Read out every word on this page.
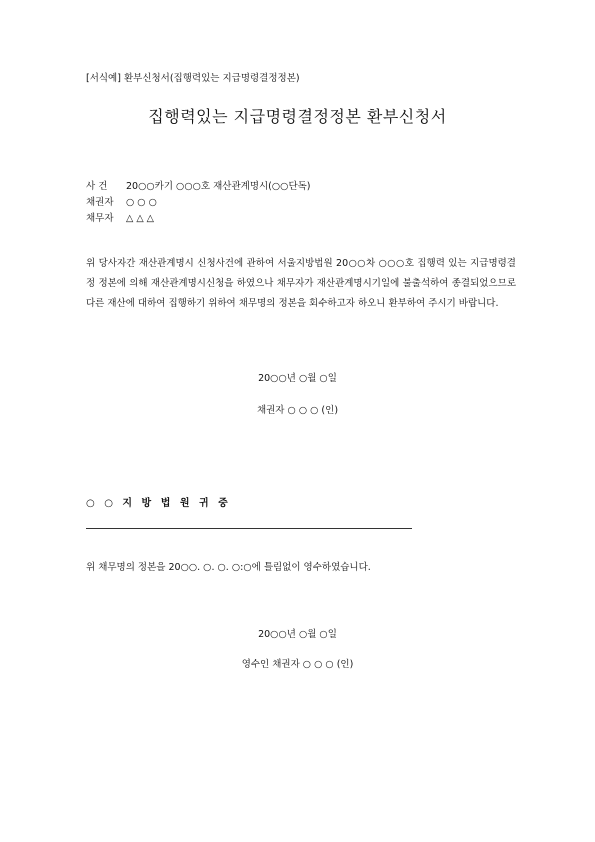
[서식예] 환부신청서(집행력있는 지급명령결정정본)
집행력있는 지급명령결정정본 환부신청서
사 건 20○○카기 ○○○호 재산관계명시(○○단독)
채권자 ○ ○ ○
채무자 △ △ △
위 당사자간 재산관계명시 신청사건에 관하여 서울지방법원 20○○차 ○○○호 집행력 있는 지급명령결정 정본에 의해 재산관계명시신청을 하였으나 채무자가 재산관계명시기일에 불출석하여 종결되었으므로 다른 재산에 대하여 집행하기 위하여 채무명의 정본을 회수하고자 하오니 환부하여 주시기 바랍니다.
20○○년 ○월 ○일
채권자 ○ ○ ○ (인)
○ ○ 지 방 법 원 귀 중
위 채무명의 정본을 20○○. ○. ○. ○:○에 틀림없이 영수하였습니다.
20○○년 ○월 ○일
영수인 채권자 ○ ○ ○ (인)
